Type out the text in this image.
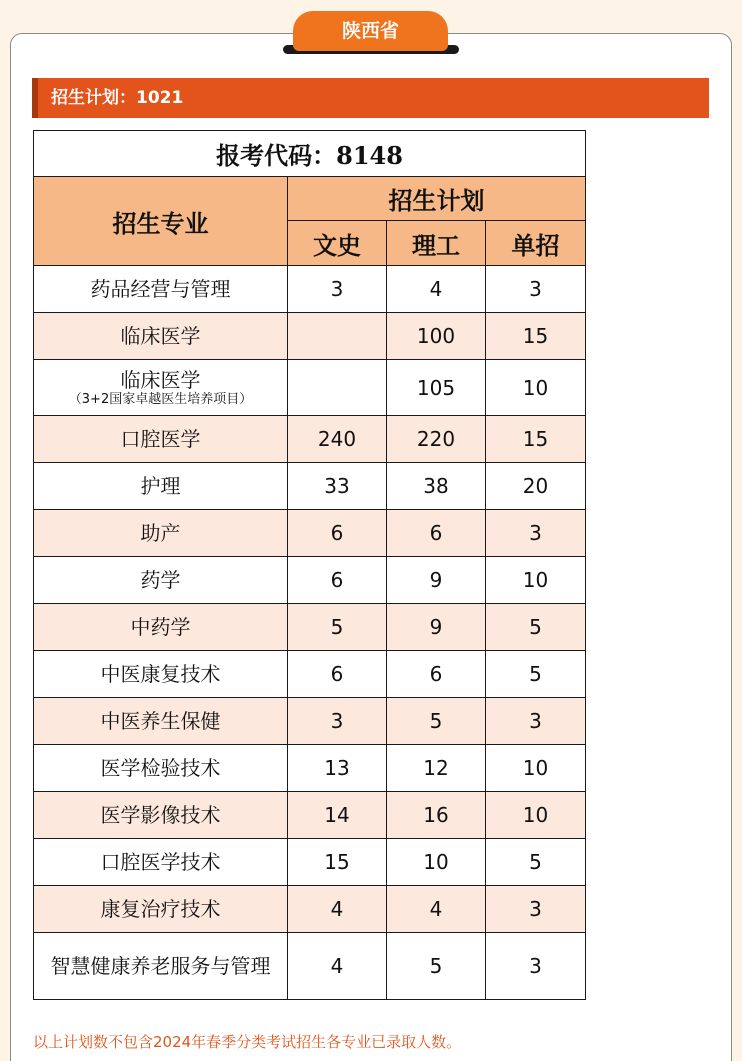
陕西省
招生计划：1021
报考代码：8148			
招生专业	招生计划		
	文史	理工	单招

药品经营与管理	3	4	3

临床医学		100	15

临床医学
（3+2国家卓越医生培养项目）		105	10

口腔医学	240	220	15

护理	33	38	20

助产	6	6	3

药学	6	9	10

中药学	5	9	5

中医康复技术	6	6	5

中医养生保健	3	5	3

医学检验技术	13	12	10

医学影像技术	14	16	10

口腔医学技术	15	10	5

康复治疗技术	4	4	3

智慧健康养老服务与管理	4	5	3
以上计划数不包含2024年春季分类考试招生各专业已录取人数。
